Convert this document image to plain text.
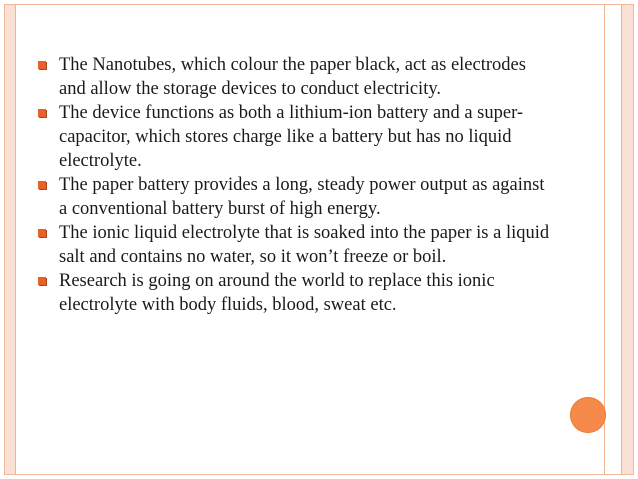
The Nanotubes, which colour the paper black, act as electrodes and allow the storage devices to conduct electricity.
The device functions as both a lithium-ion battery and a super-capacitor, which stores charge like a battery but has no liquid electrolyte.
The paper battery provides a long, steady power output as against a conventional battery burst of high energy.
The ionic liquid electrolyte that is soaked into the paper is a liquid salt and contains no water, so it won’t freeze or boil.
Research is going on around the world to replace this ionic electrolyte with body fluids, blood, sweat etc.
